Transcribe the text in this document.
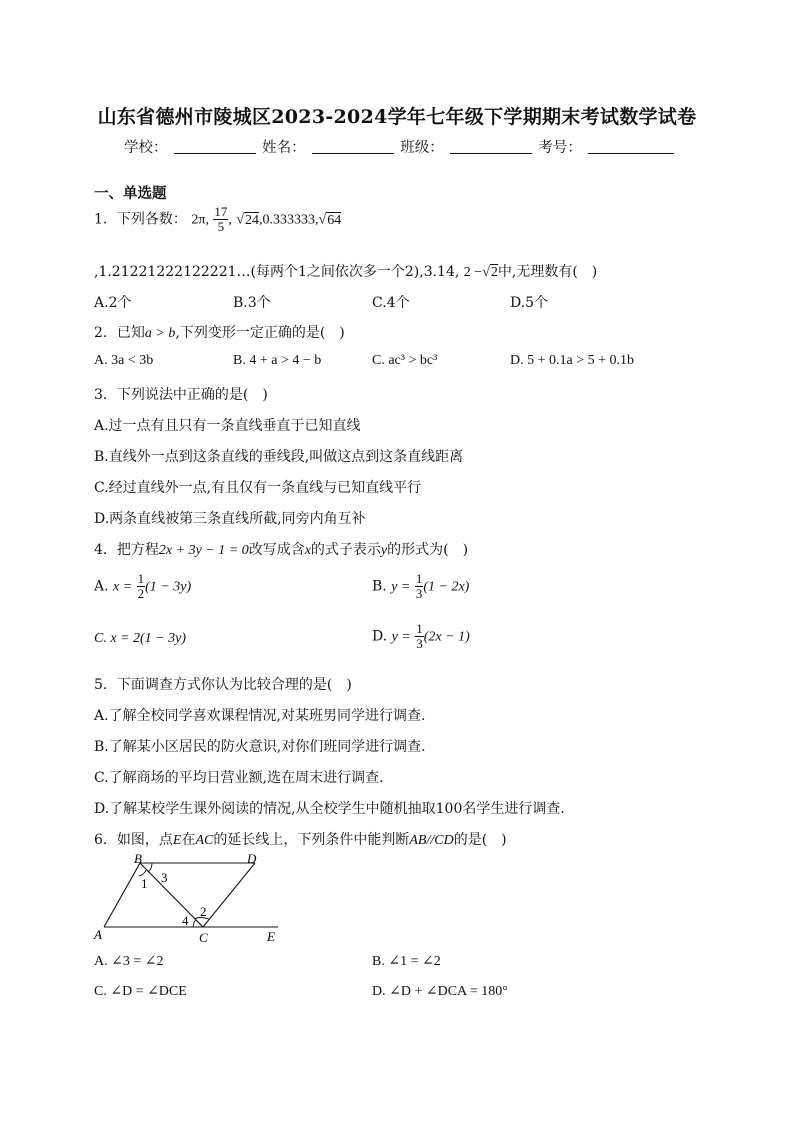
山东省德州市陵城区2023-2024学年七年级下学期期末考试数学试卷
学校：	姓名：	班级：	考号：
一、单选题
1．下列各数： 2π, $\frac{17}{5}$ , √24,0.333333,√64
,1.21221222122221…(每两个1之间依次多一个2),3.14, 2 −√2中,无理数有(　)
A.2个	B.3个	C.4个	D.5个
2．已知a > b,下列变形一定正确的是(　)
A. 3a < 3b	B. 4 + a > 4 − b	C. ac³ > bc³	D. 5 + 0.1a > 5 + 0.1b
3．下列说法中正确的是(　)
A.过一点有且只有一条直线垂直于已知直线
B.直线外一点到这条直线的垂线段,叫做这点到这条直线距离
C.经过直线外一点,有且仅有一条直线与已知直线平行
D.两条直线被第三条直线所截,同旁内角互补
4．把方程2x + 3y − 1 = 0改写成含x的式子表示y的形式为(　)
A. $x = \frac{1}{2} (1 - 3y)$	B. $y = \frac{1}{3} (1 - 2x)$
C. x = 2(1 − 3y)	D. $y = \frac{1}{3} (2x - 1)$
5．下面调查方式你认为比较合理的是(　)
A.了解全校同学喜欢课程情况,对某班男同学进行调查.
B.了解某小区居民的防火意识,对你们班同学进行调查.
C.了解商场的平均日营业额,选在周末进行调查.
D.了解某校学生课外阅读的情况,从全校学生中随机抽取100名学生进行调查.
6．如图，点E在AC的延长线上，下列条件中能判断AB//CD的是(　)
A
B
C
D
E
1 3
2
4
A. ∠3 = ∠2	B. ∠1 = ∠2
C. ∠D = ∠DCE	D. ∠D + ∠DCA = 180°
